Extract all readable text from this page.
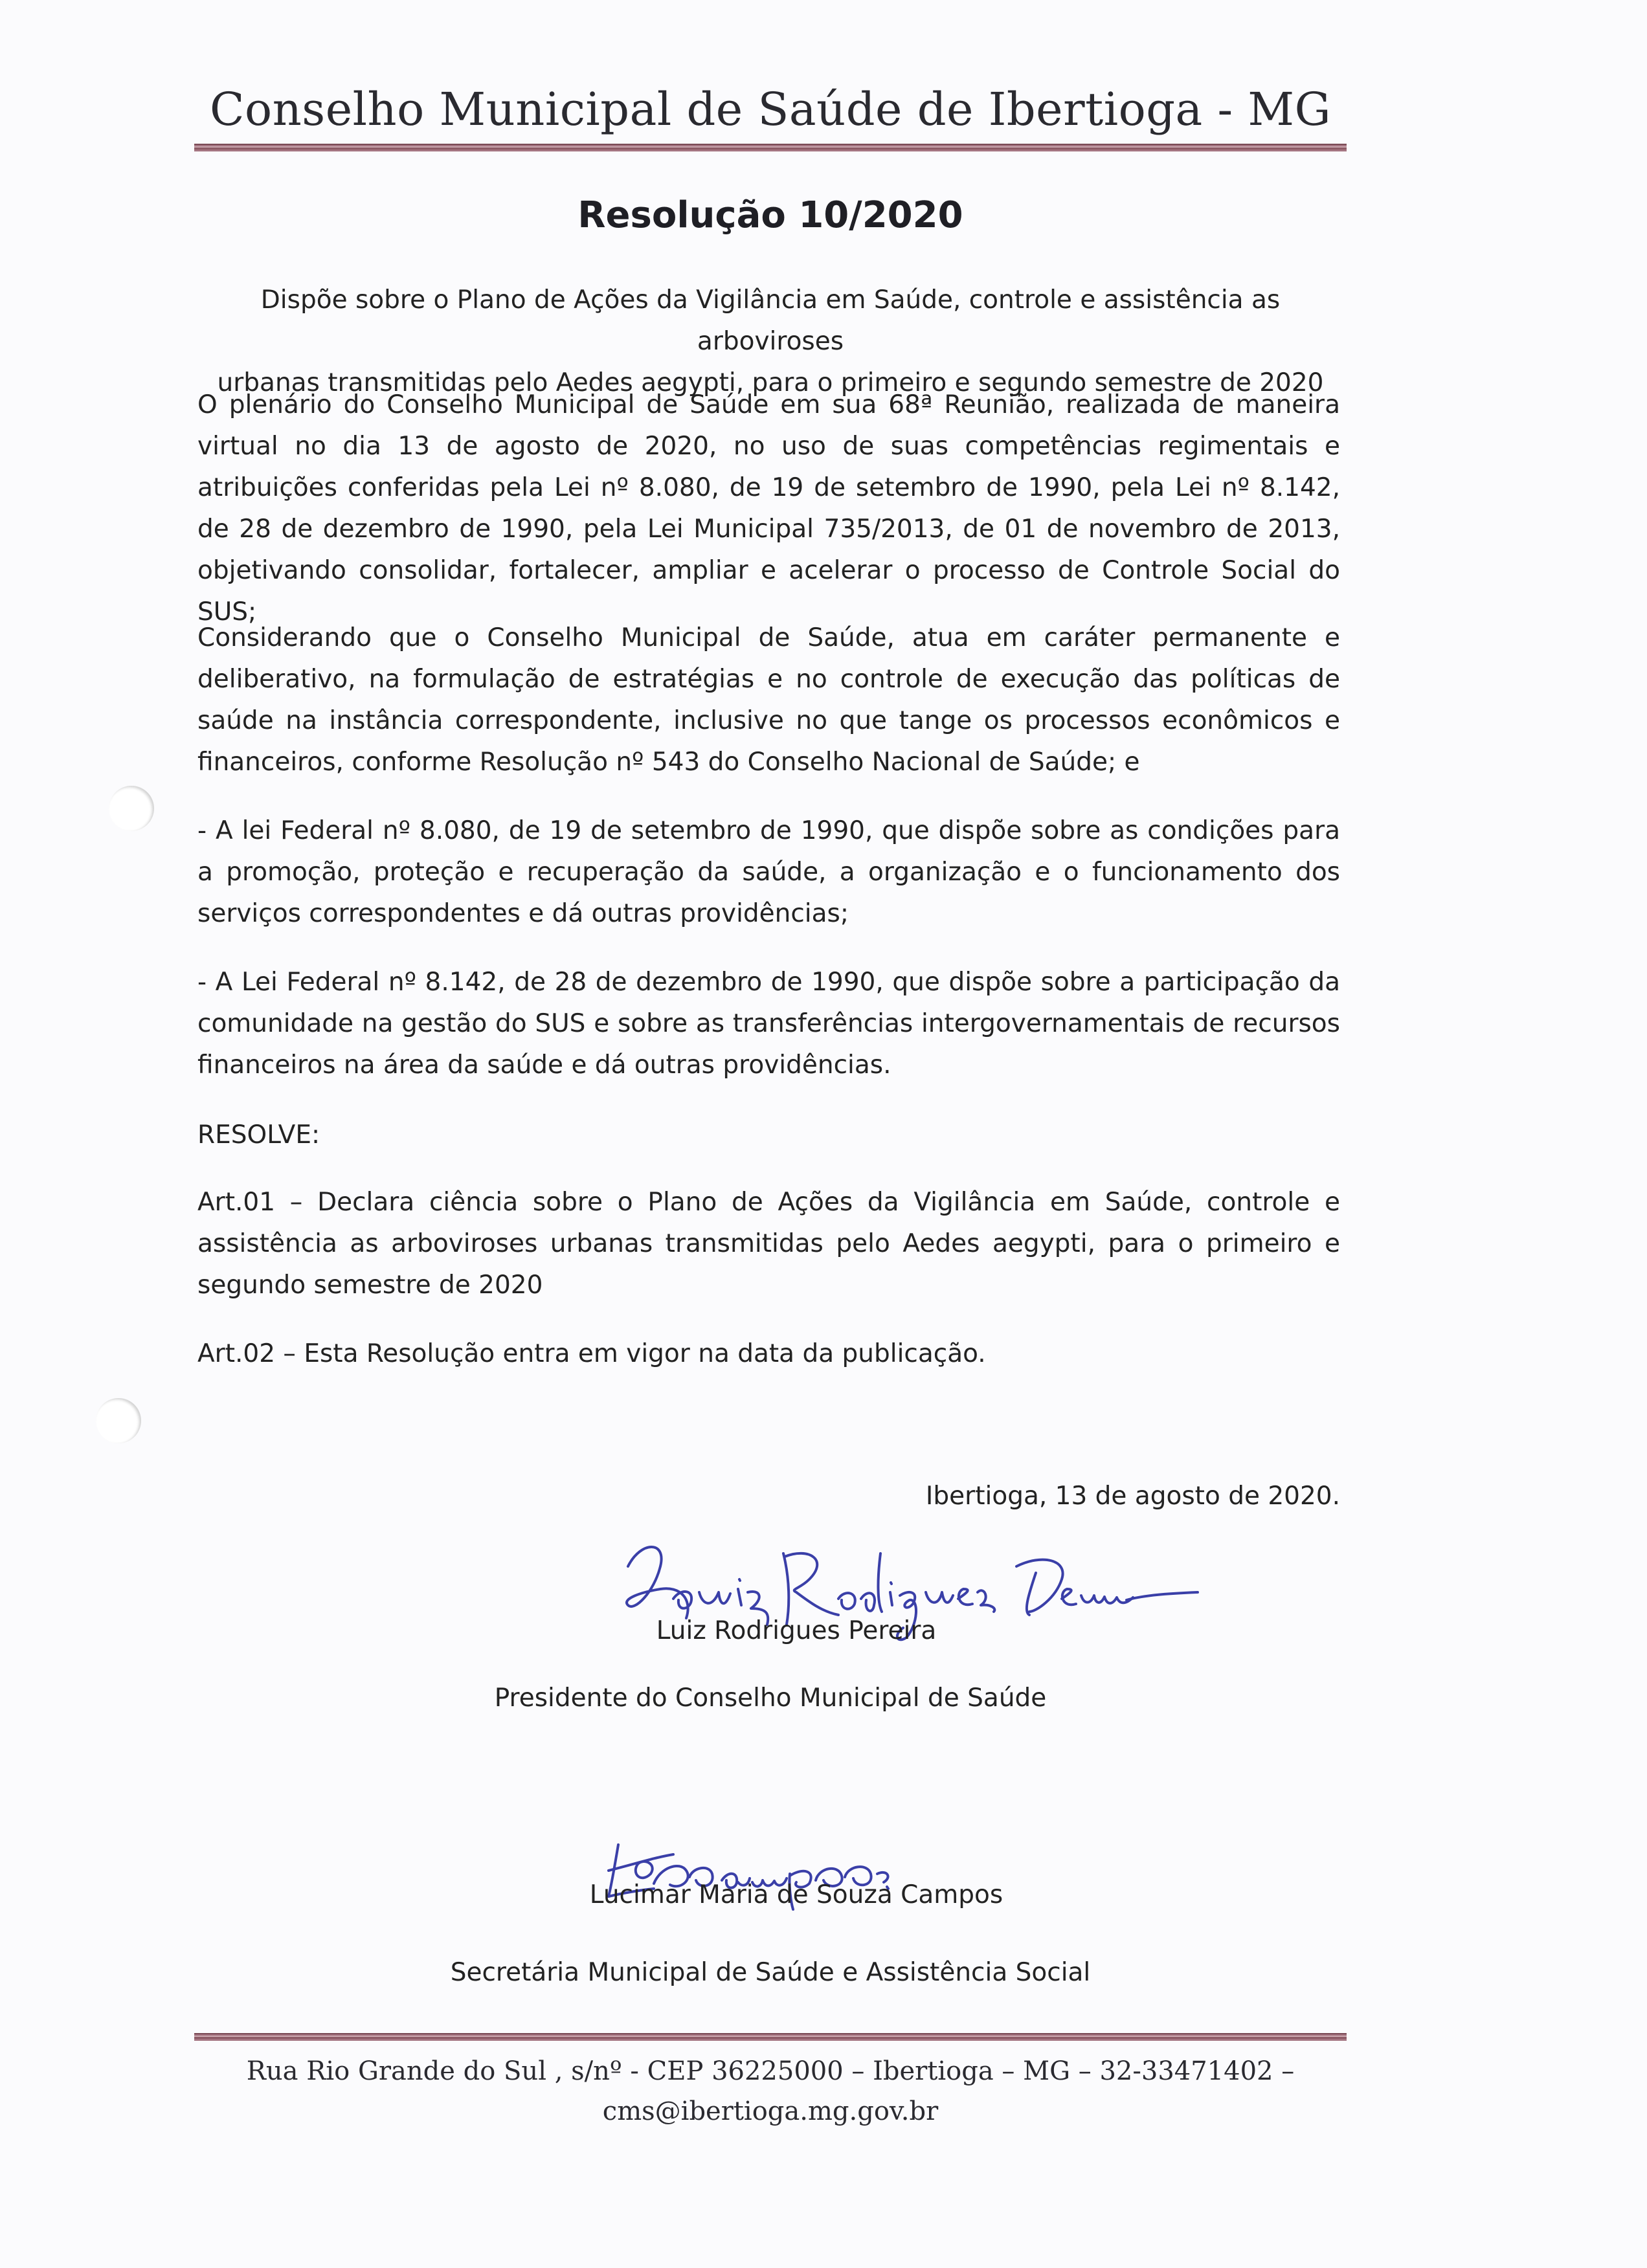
Conselho Municipal de Saúde de Ibertioga - MG
Resolução 10/2020
Dispõe sobre o Plano de Ações da Vigilância em Saúde, controle e assistência as arboviroses
urbanas transmitidas pelo Aedes aegypti, para o primeiro e segundo semestre de 2020
O plenário do Conselho Municipal de Saúde em sua 68ª Reunião, realizada de maneira virtual no dia 13 de agosto de 2020, no uso de suas competências regimentais e atribuições conferidas pela Lei nº 8.080, de 19 de setembro de 1990, pela Lei nº 8.142, de 28 de dezembro de 1990, pela Lei Municipal 735/2013, de 01 de novembro de 2013, objetivando consolidar, fortalecer, ampliar e acelerar o processo de Controle Social do SUS;
Considerando que o Conselho Municipal de Saúde, atua em caráter permanente e deliberativo, na formulação de estratégias e no controle de execução das políticas de saúde na instância correspondente, inclusive no que tange os processos econômicos e financeiros, conforme Resolução nº 543 do Conselho Nacional de Saúde; e
- A lei Federal nº 8.080, de 19 de setembro de 1990, que dispõe sobre as condições para a promoção, proteção e recuperação da saúde, a organização e o funcionamento dos serviços correspondentes e dá outras providências;
- A Lei Federal nº 8.142, de 28 de dezembro de 1990, que dispõe sobre a participação da comunidade na gestão do SUS e sobre as transferências intergovernamentais de recursos financeiros na área da saúde e dá outras providências.
RESOLVE:
Art.01 – Declara ciência sobre o Plano de Ações da Vigilância em Saúde, controle e assistência as arboviroses urbanas transmitidas pelo Aedes aegypti, para o primeiro e segundo semestre de 2020
Art.02 – Esta Resolução entra em vigor na data da publicação.
Ibertioga, 13 de agosto de 2020.
Luiz Rodrigues Pereira
Presidente do Conselho Municipal de Saúde
Lucimar Maria de Souza Campos
Secretária Municipal de Saúde e Assistência Social
Rua Rio Grande do Sul , s/nº - CEP 36225000 – Ibertioga – MG – 32-33471402 –
cms@ibertioga.mg.gov.br
